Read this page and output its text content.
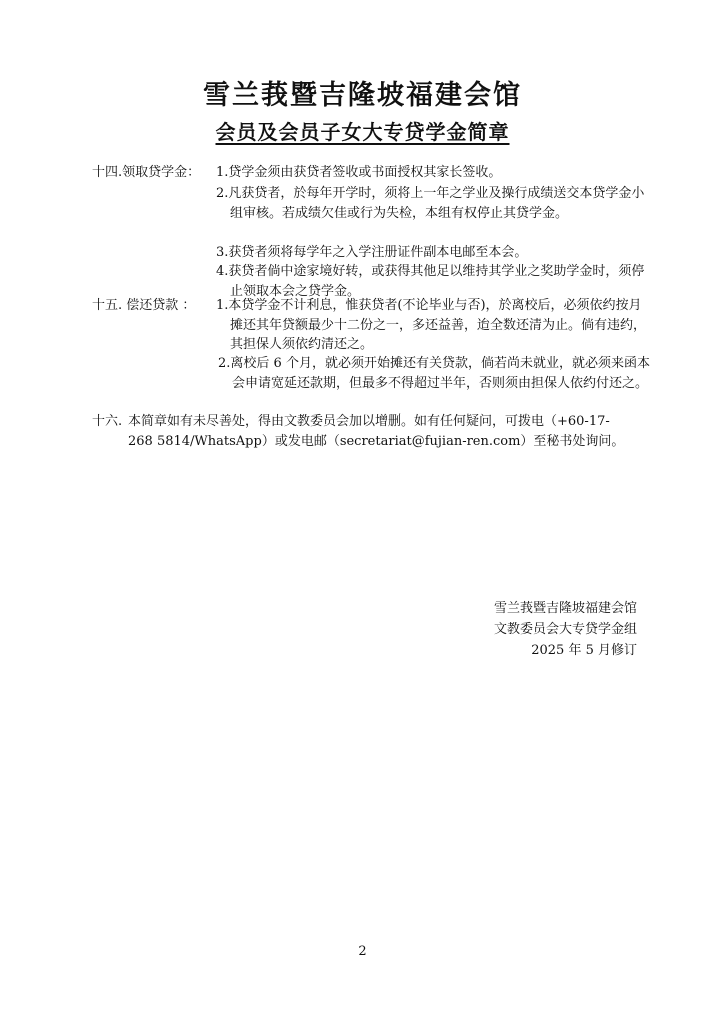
雪兰莪暨吉隆坡福建会馆
会员及会员子女大专贷学金简章
十四.领取贷学金： 1.贷学金须由获贷者签收或书面授权其家长签收。
2.凡获贷者，於每年开学时，须将上一年之学业及操行成绩送交本贷学金小组审核。若成绩欠佳或行为失检，本组有权停止其贷学金。
3.获贷者须将每学年之入学注册证件副本电邮至本会。
4.获贷者倘中途家境好转，或获得其他足以维持其学业之奖助学金时，须停止领取本会之贷学金。
十五. 偿还贷款 ： 1.本贷学金不计利息，惟获贷者(不论毕业与否)，於离校后，必须依约按月摊还其年贷额最少十二份之一，多还益善，迨全数还清为止。倘有违约，其担保人须依约清还之。
2.离校后 6 个月，就必须开始摊还有关贷款，倘若尚未就业，就必须来函本会申请宽延还款期，但最多不得超过半年，否则须由担保人依约付还之。
十六. 本简章如有未尽善处，得由文教委员会加以增删。如有任何疑问，可拨电（+60-17-268 5814/WhatsApp）或发电邮（secretariat@fujian-ren.com）至秘书处询问。
雪兰莪暨吉隆坡福建会馆
文教委员会大专贷学金组
2025 年 5 月修订
2
